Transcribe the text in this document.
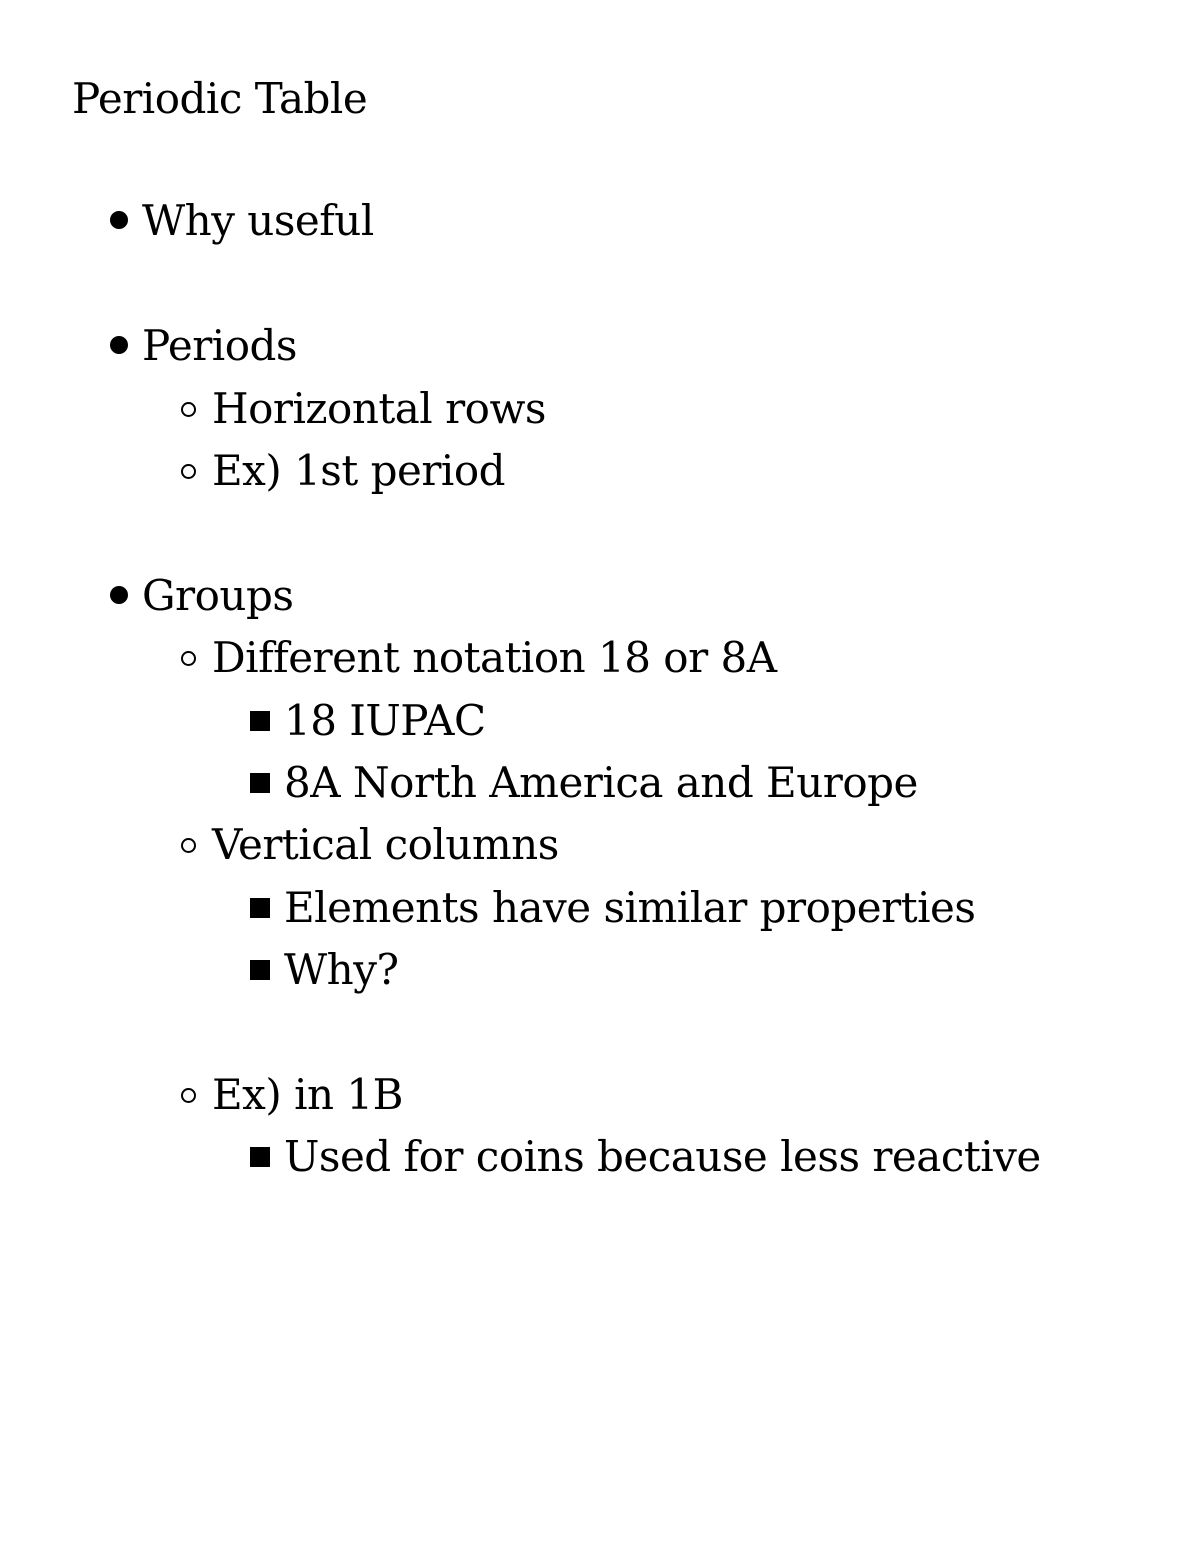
Periodic Table
Why useful
Periods
Horizontal rows
Ex) 1st period
Groups
Different notation 18 or 8A
18 IUPAC
8A North America and Europe
Vertical columns
Elements have similar properties
Why?
Ex) in 1B
Used for coins because less reactive
